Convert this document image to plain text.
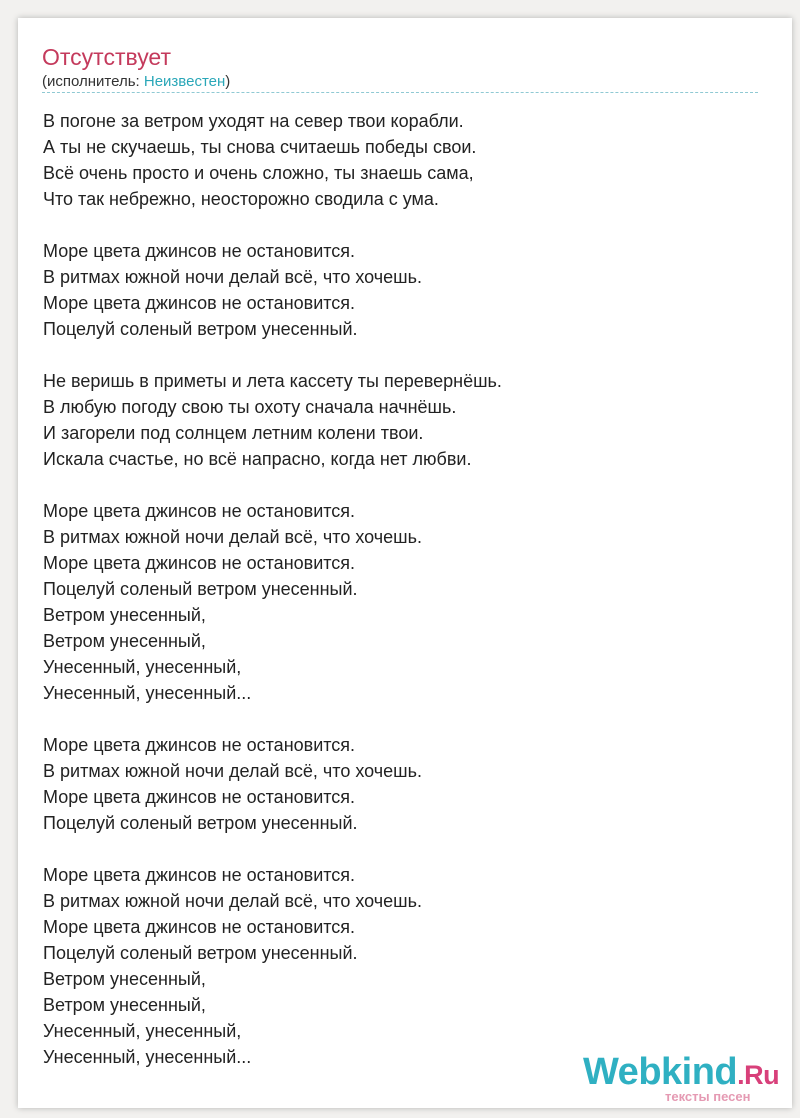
Отсутствует
(исполнитель: Неизвестен)
В погоне за ветром уходят на север твои корабли.
А ты не скучаешь, ты снова считаешь победы свои.
Всё очень просто и очень сложно, ты знаешь сама,
Что так небрежно, неосторожно сводила с ума.
Море цвета джинсов не остановится.
В ритмах южной ночи делай всё, что хочешь.
Море цвета джинсов не остановится.
Поцелуй соленый ветром унесенный.
Не веришь в приметы и лета кассету ты перевернёшь.
В любую погоду свою ты охоту сначала начнёшь.
И загорели под солнцем летним колени твои.
Искала счастье, но всё напрасно, когда нет любви.
Море цвета джинсов не остановится.
В ритмах южной ночи делай всё, что хочешь.
Море цвета джинсов не остановится.
Поцелуй соленый ветром унесенный.
Ветром унесенный,
Ветром унесенный,
Унесенный, унесенный,
Унесенный, унесенный...
Море цвета джинсов не остановится.
В ритмах южной ночи делай всё, что хочешь.
Море цвета джинсов не остановится.
Поцелуй соленый ветром унесенный.
Море цвета джинсов не остановится.
В ритмах южной ночи делай всё, что хочешь.
Море цвета джинсов не остановится.
Поцелуй соленый ветром унесенный.
Ветром унесенный,
Ветром унесенный,
Унесенный, унесенный,
Унесенный, унесенный...	Webkind.Ru
тексты песен
